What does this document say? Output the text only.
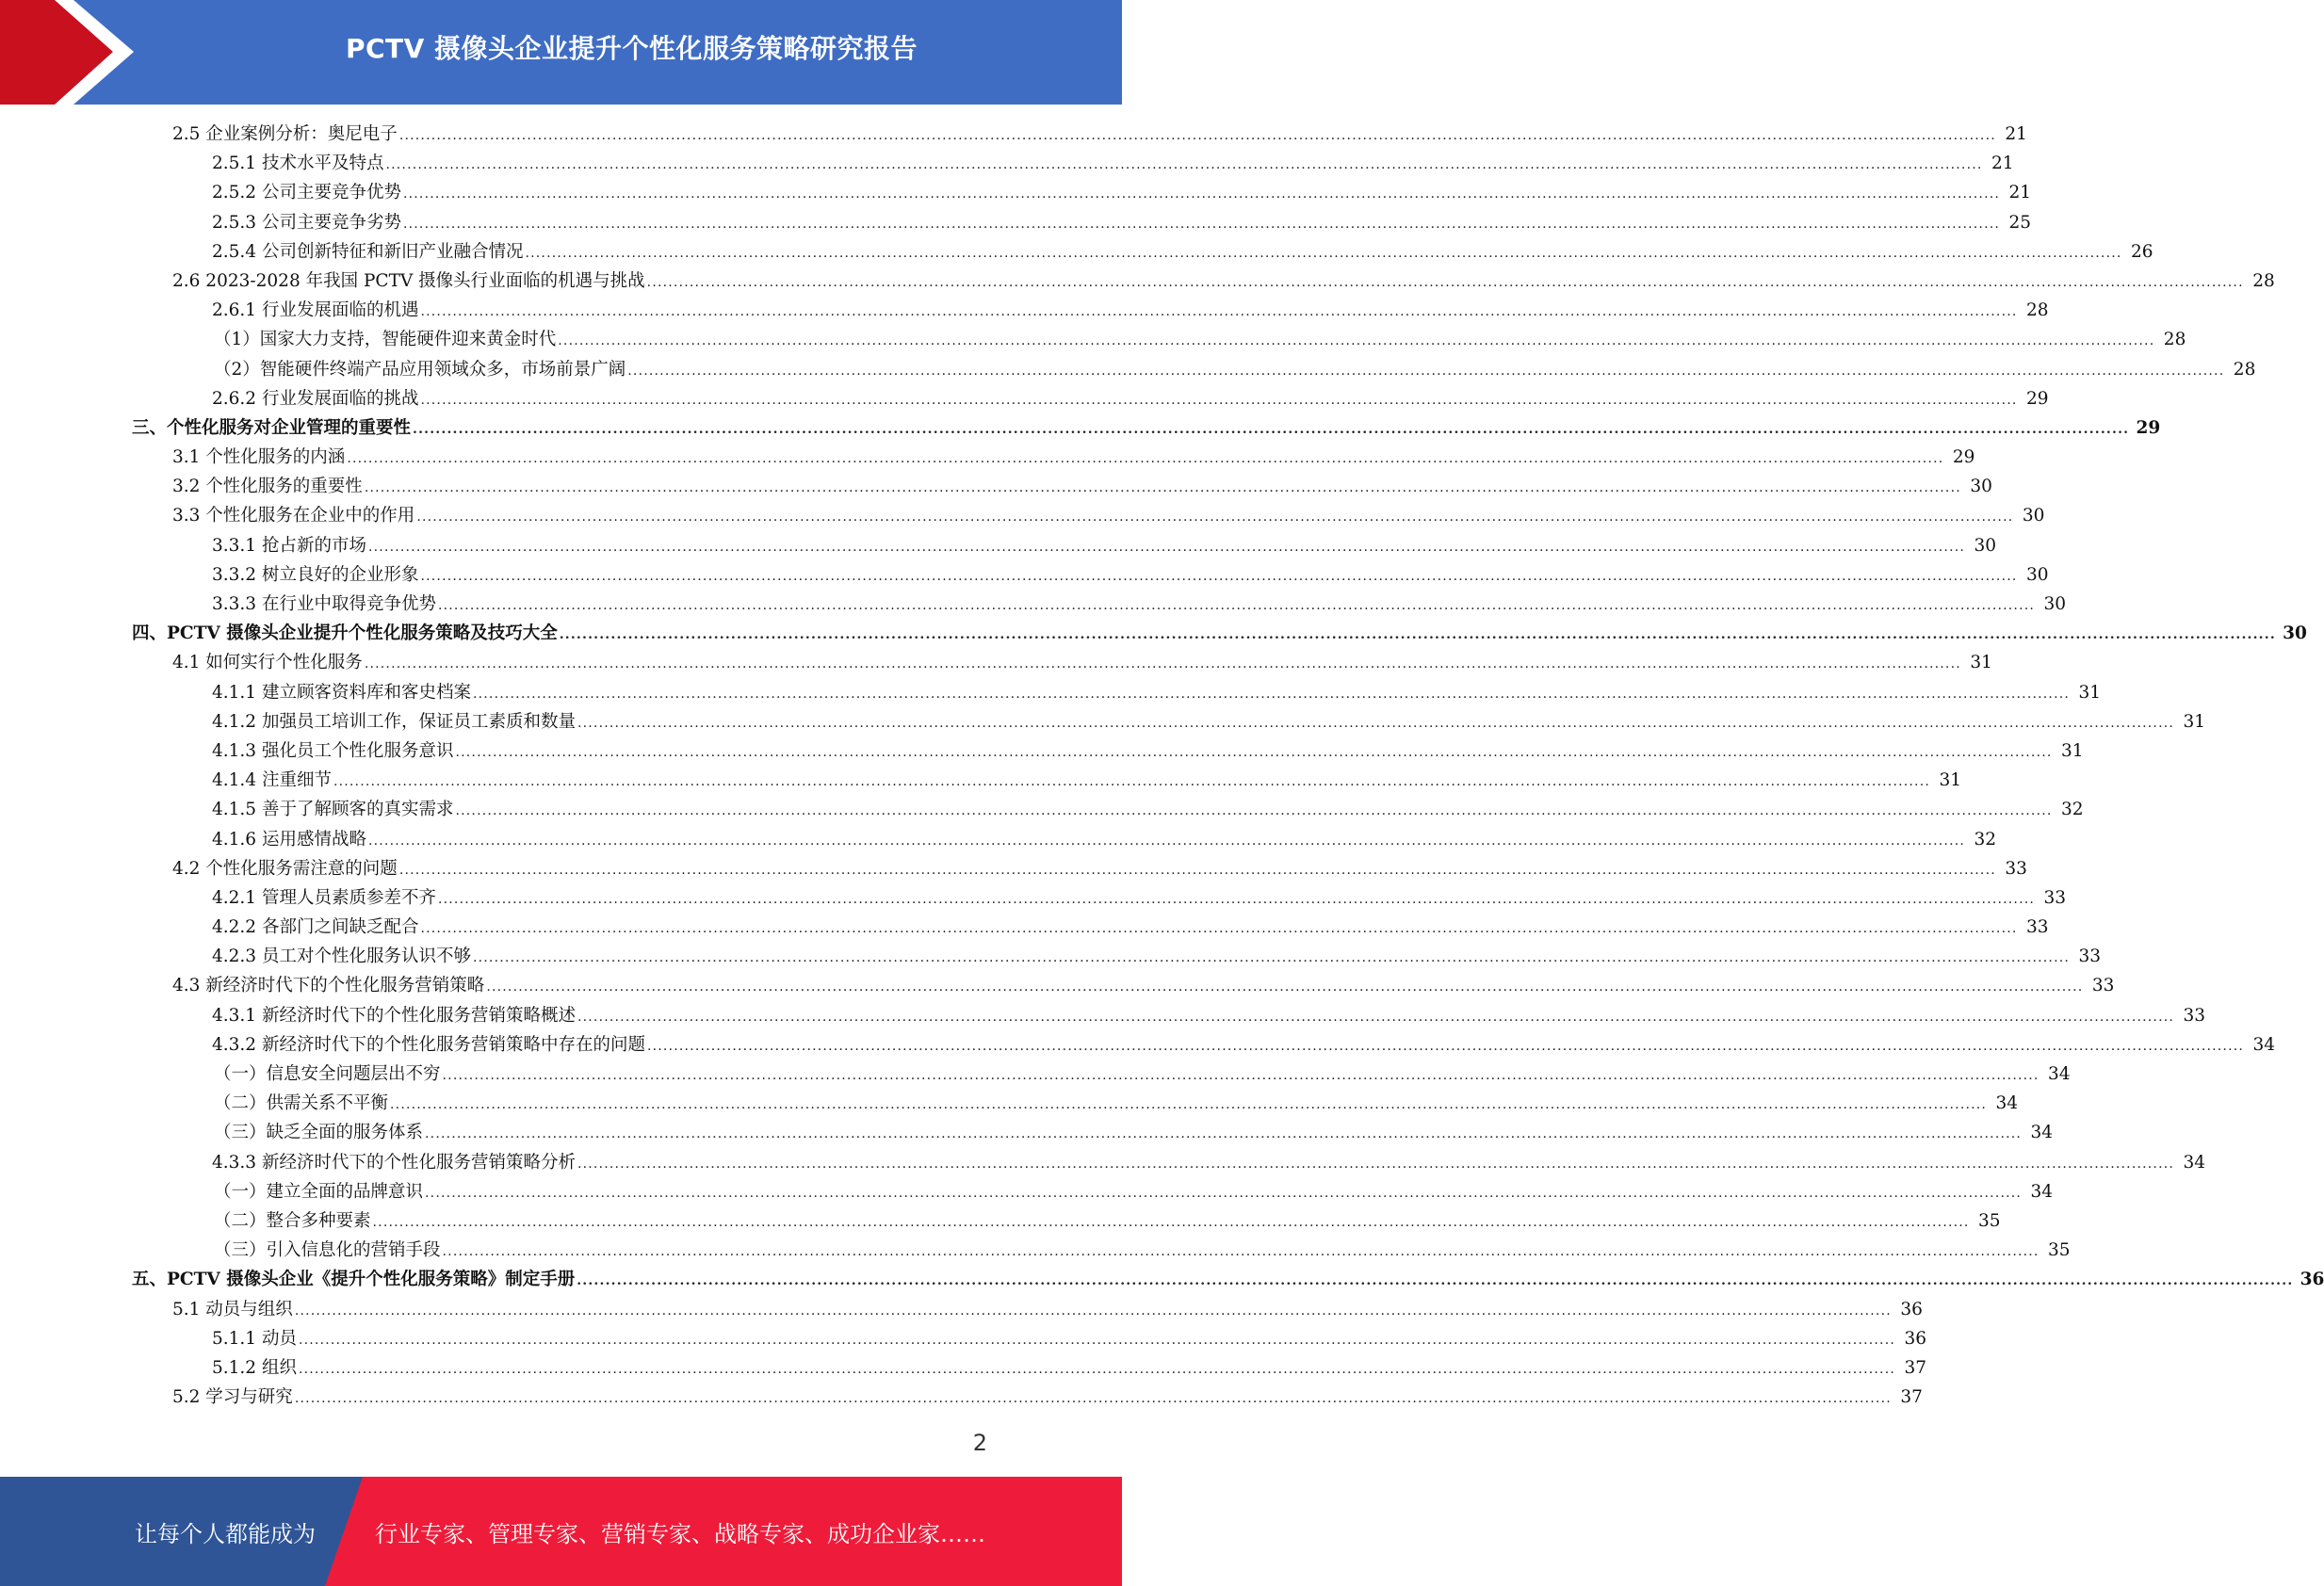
PCTV 摄像头企业提升个性化服务策略研究报告
2.5 企业案例分析：奥尼电子 ............................................................................................................................................................................................................................................................................................................ 21
2.5.1 技术水平及特点 ............................................................................................................................................................................................................................................................................................................ 21
2.5.2 公司主要竞争优势 ............................................................................................................................................................................................................................................................................................................ 21
2.5.3 公司主要竞争劣势 ............................................................................................................................................................................................................................................................................................................ 25
2.5.4 公司创新特征和新旧产业融合情况 ............................................................................................................................................................................................................................................................................................................ 26
2.6 2023-2028 年我国 PCTV 摄像头行业面临的机遇与挑战 ............................................................................................................................................................................................................................................................................................................ 28
2.6.1 行业发展面临的机遇 ............................................................................................................................................................................................................................................................................................................ 28
（1）国家大力支持，智能硬件迎来黄金时代 ............................................................................................................................................................................................................................................................................................................ 28
（2）智能硬件终端产品应用领域众多，市场前景广阔 ............................................................................................................................................................................................................................................................................................................ 28
2.6.2 行业发展面临的挑战 ............................................................................................................................................................................................................................................................................................................ 29
三、个性化服务对企业管理的重要性 ............................................................................................................................................................................................................................................................................................................ 29
3.1 个性化服务的内涵 ............................................................................................................................................................................................................................................................................................................ 29
3.2 个性化服务的重要性 ............................................................................................................................................................................................................................................................................................................ 30
3.3 个性化服务在企业中的作用 ............................................................................................................................................................................................................................................................................................................ 30
3.3.1 抢占新的市场 ............................................................................................................................................................................................................................................................................................................ 30
3.3.2 树立良好的企业形象 ............................................................................................................................................................................................................................................................................................................ 30
3.3.3 在行业中取得竞争优势 ............................................................................................................................................................................................................................................................................................................ 30
四、PCTV 摄像头企业提升个性化服务策略及技巧大全 ............................................................................................................................................................................................................................................................................................................ 30
4.1 如何实行个性化服务 ............................................................................................................................................................................................................................................................................................................ 31
4.1.1 建立顾客资料库和客史档案 ............................................................................................................................................................................................................................................................................................................ 31
4.1.2 加强员工培训工作，保证员工素质和数量 ............................................................................................................................................................................................................................................................................................................ 31
4.1.3 强化员工个性化服务意识 ............................................................................................................................................................................................................................................................................................................ 31
4.1.4 注重细节 ............................................................................................................................................................................................................................................................................................................ 31
4.1.5 善于了解顾客的真实需求 ............................................................................................................................................................................................................................................................................................................ 32
4.1.6 运用感情战略 ............................................................................................................................................................................................................................................................................................................ 32
4.2 个性化服务需注意的问题 ............................................................................................................................................................................................................................................................................................................ 33
4.2.1 管理人员素质参差不齐 ............................................................................................................................................................................................................................................................................................................ 33
4.2.2 各部门之间缺乏配合 ............................................................................................................................................................................................................................................................................................................ 33
4.2.3 员工对个性化服务认识不够 ............................................................................................................................................................................................................................................................................................................ 33
4.3 新经济时代下的个性化服务营销策略 ............................................................................................................................................................................................................................................................................................................ 33
4.3.1 新经济时代下的个性化服务营销策略概述 ............................................................................................................................................................................................................................................................................................................ 33
4.3.2 新经济时代下的个性化服务营销策略中存在的问题 ............................................................................................................................................................................................................................................................................................................ 34
（一）信息安全问题层出不穷 ............................................................................................................................................................................................................................................................................................................ 34
（二）供需关系不平衡 ............................................................................................................................................................................................................................................................................................................ 34
（三）缺乏全面的服务体系 ............................................................................................................................................................................................................................................................................................................ 34
4.3.3 新经济时代下的个性化服务营销策略分析 ............................................................................................................................................................................................................................................................................................................ 34
（一）建立全面的品牌意识 ............................................................................................................................................................................................................................................................................................................ 34
（二）整合多种要素 ............................................................................................................................................................................................................................................................................................................ 35
（三）引入信息化的营销手段 ............................................................................................................................................................................................................................................................................................................ 35
五、PCTV 摄像头企业《提升个性化服务策略》制定手册 ............................................................................................................................................................................................................................................................................................................ 36
5.1 动员与组织 ............................................................................................................................................................................................................................................................................................................ 36
5.1.1 动员 ............................................................................................................................................................................................................................................................................................................ 36
5.1.2 组织 ............................................................................................................................................................................................................................................................................................................ 37
5.2 学习与研究 ............................................................................................................................................................................................................................................................................................................ 37
2
让每个人都能成为	行业专家、管理专家、营销专家、战略专家、成功企业家……
